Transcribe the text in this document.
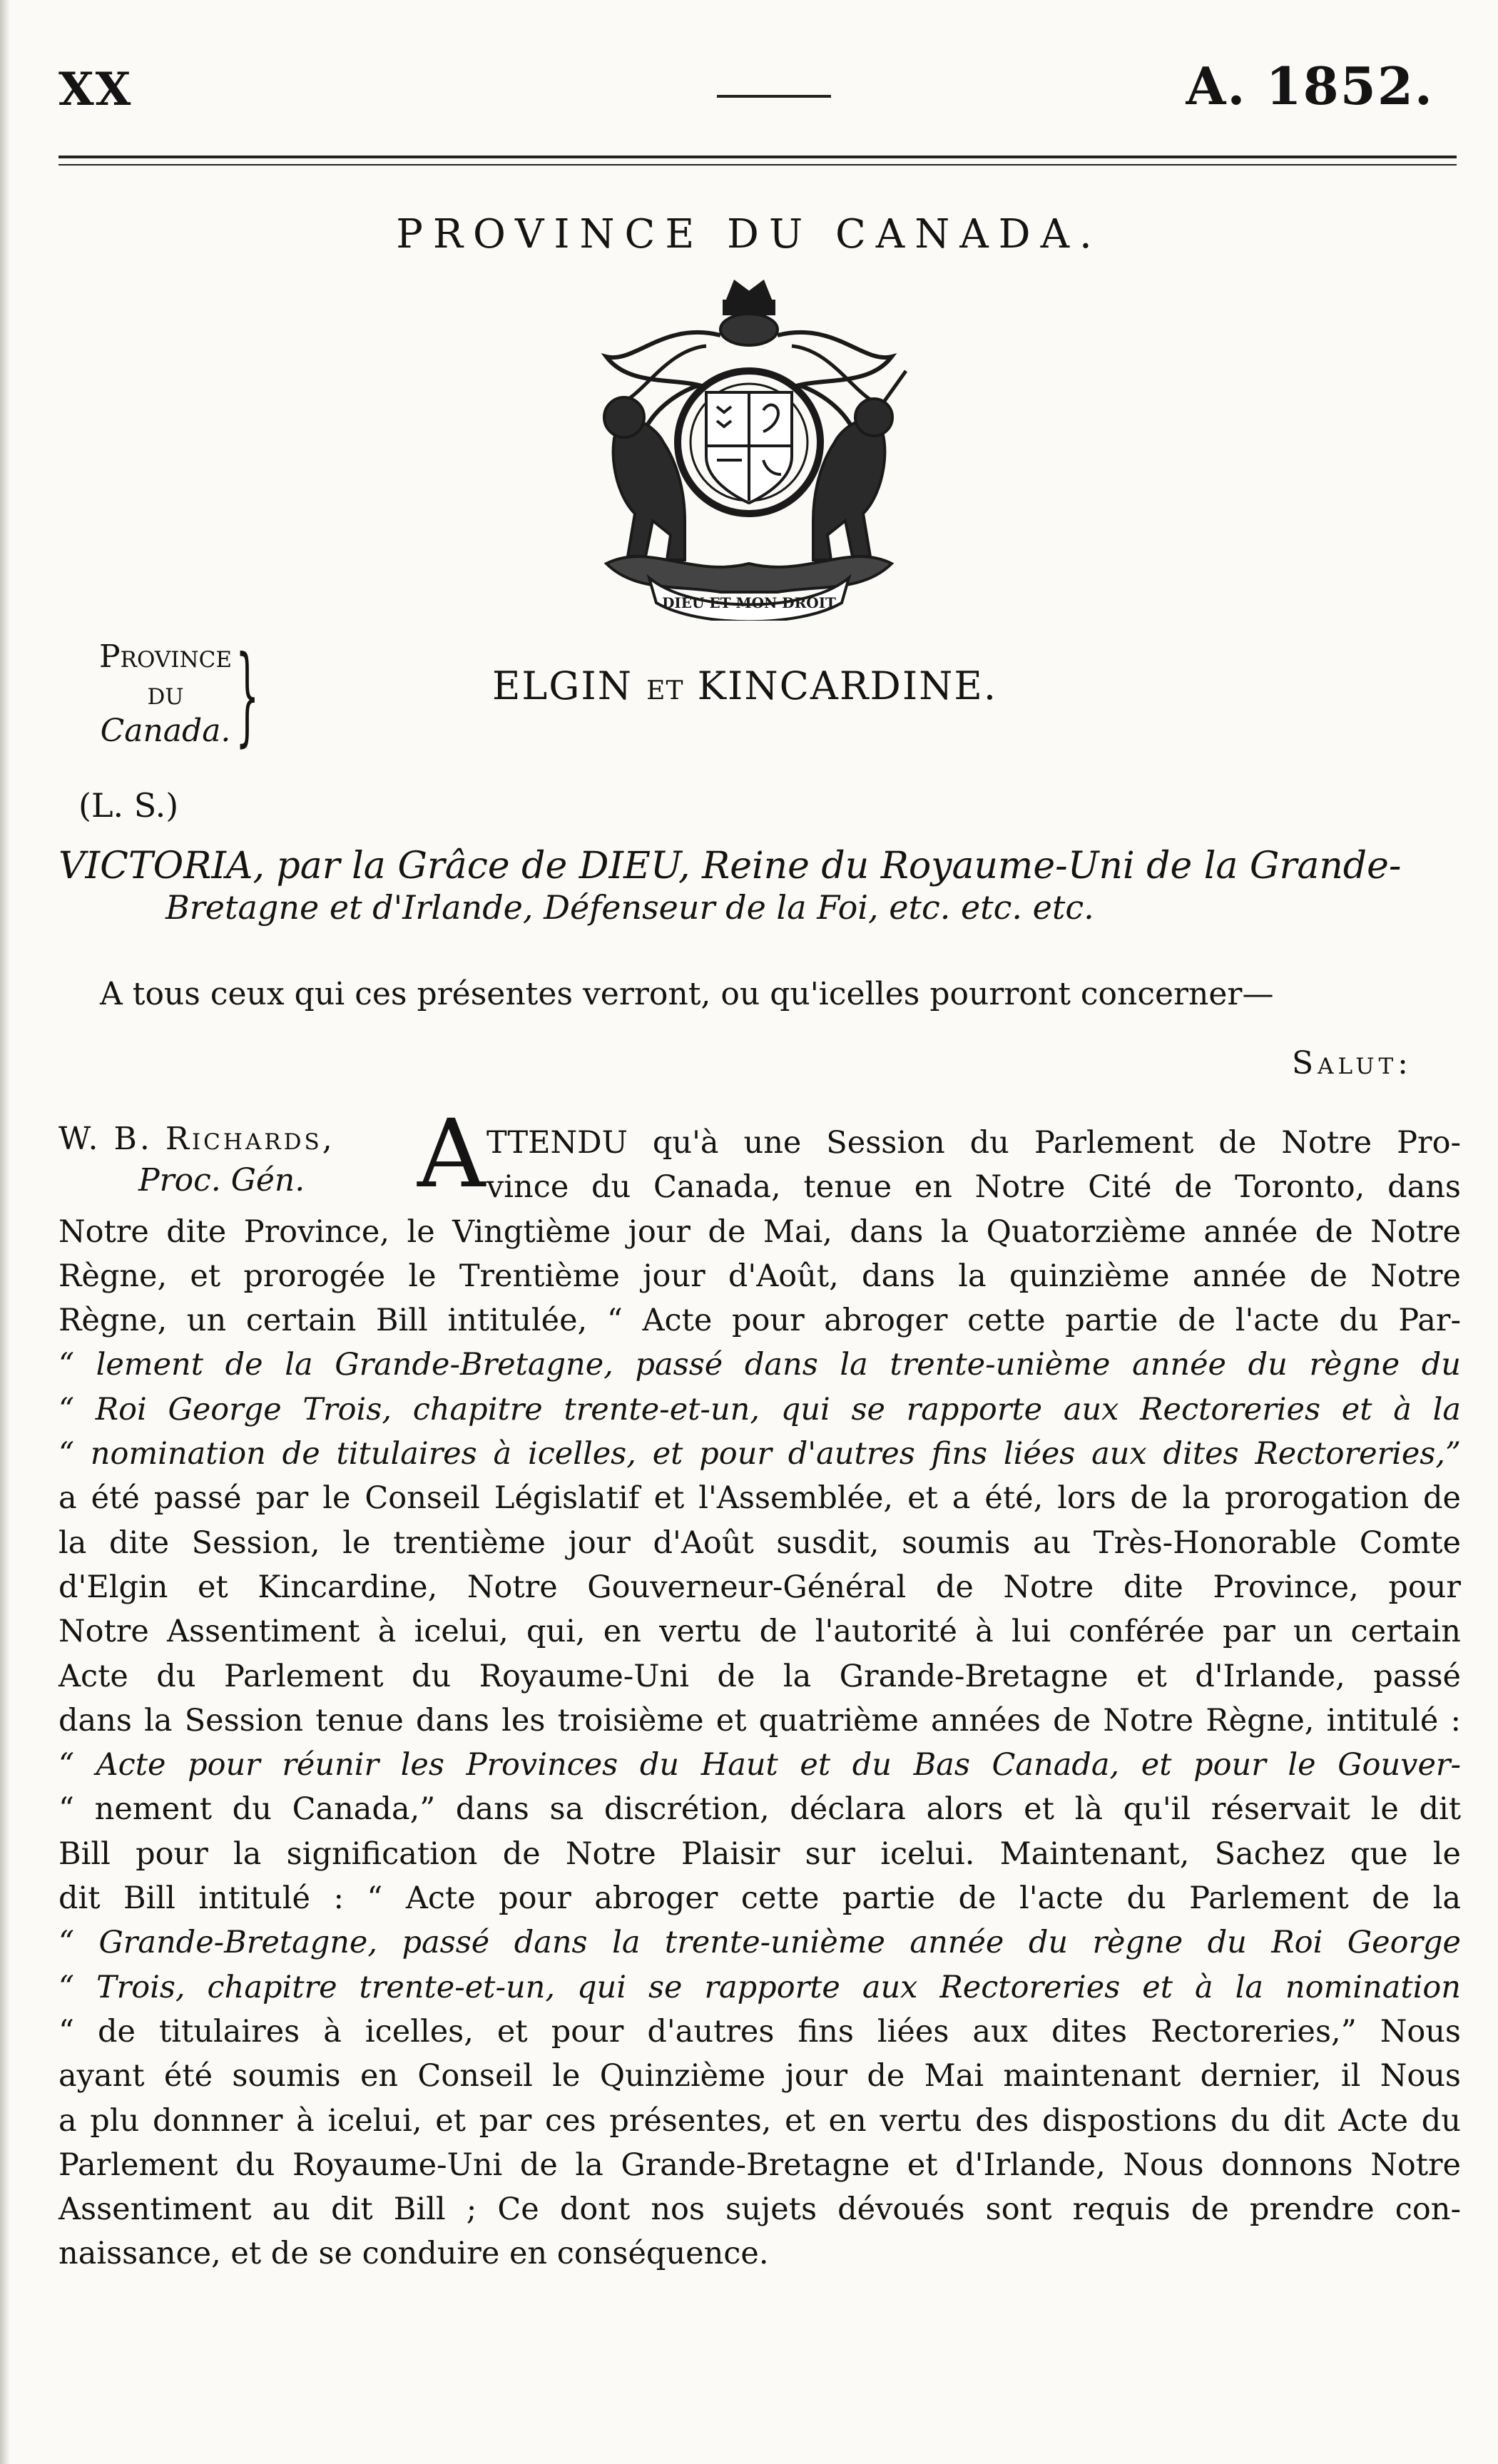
XX	A. 1852.
PROVINCE DU CANADA.
DIEU ET MON DROIT
Province
du
Canada. }	ELGIN ET KINCARDINE.
(L. S.)
VICTORIA, par la Grâce de DIEU, Reine du Royaume-Uni de la Grande-
Bretagne et d'Irlande, Défenseur de la Foi, etc. etc. etc.
A tous ceux qui ces présentes verront, ou qu'icelles pourront concerner—
Salut:
W. B. Richards,
Proc. Gén.	A TTENDU qu'à une Session du Parlement de Notre Pro-
vince du Canada, tenue en Notre Cité de Toronto, dans
Notre dite Province, le Vingtième jour de Mai, dans la Quatorzième année de Notre
Règne, et prorogée le Trentième jour d'Août, dans la quinzième année de Notre
Règne, un certain Bill intitulée, “ Acte pour abroger cette partie de l'acte du Par-
“ lement de la Grande-Bretagne, passé dans la trente-unième année du règne du
“ Roi George Trois, chapitre trente-et-un, qui se rapporte aux Rectoreries et à la
“ nomination de titulaires à icelles, et pour d'autres fins liées aux dites Rectoreries,”
a été passé par le Conseil Législatif et l'Assemblée, et a été, lors de la prorogation de
la dite Session, le trentième jour d'Août susdit, soumis au Très-Honorable Comte
d'Elgin et Kincardine, Notre Gouverneur-Général de Notre dite Province, pour
Notre Assentiment à icelui, qui, en vertu de l'autorité à lui conférée par un certain
Acte du Parlement du Royaume-Uni de la Grande-Bretagne et d'Irlande, passé
dans la Session tenue dans les troisième et quatrième années de Notre Règne, intitulé :
“ Acte pour réunir les Provinces du Haut et du Bas Canada, et pour le Gouver-
“ nement du Canada,” dans sa discrétion, déclara alors et là qu'il réservait le dit
Bill pour la signification de Notre Plaisir sur icelui. Maintenant, Sachez que le
dit Bill intitulé : “ Acte pour abroger cette partie de l'acte du Parlement de la
“ Grande-Bretagne, passé dans la trente-unième année du règne du Roi George
“ Trois, chapitre trente-et-un, qui se rapporte aux Rectoreries et à la nomination
“ de titulaires à icelles, et pour d'autres fins liées aux dites Rectoreries,” Nous
ayant été soumis en Conseil le Quinzième jour de Mai maintenant dernier, il Nous
a plu donnner à icelui, et par ces présentes, et en vertu des dispostions du dit Acte du
Parlement du Royaume-Uni de la Grande-Bretagne et d'Irlande, Nous donnons Notre
Assentiment au dit Bill ; Ce dont nos sujets dévoués sont requis de prendre con-
naissance, et de se conduire en conséquence.
